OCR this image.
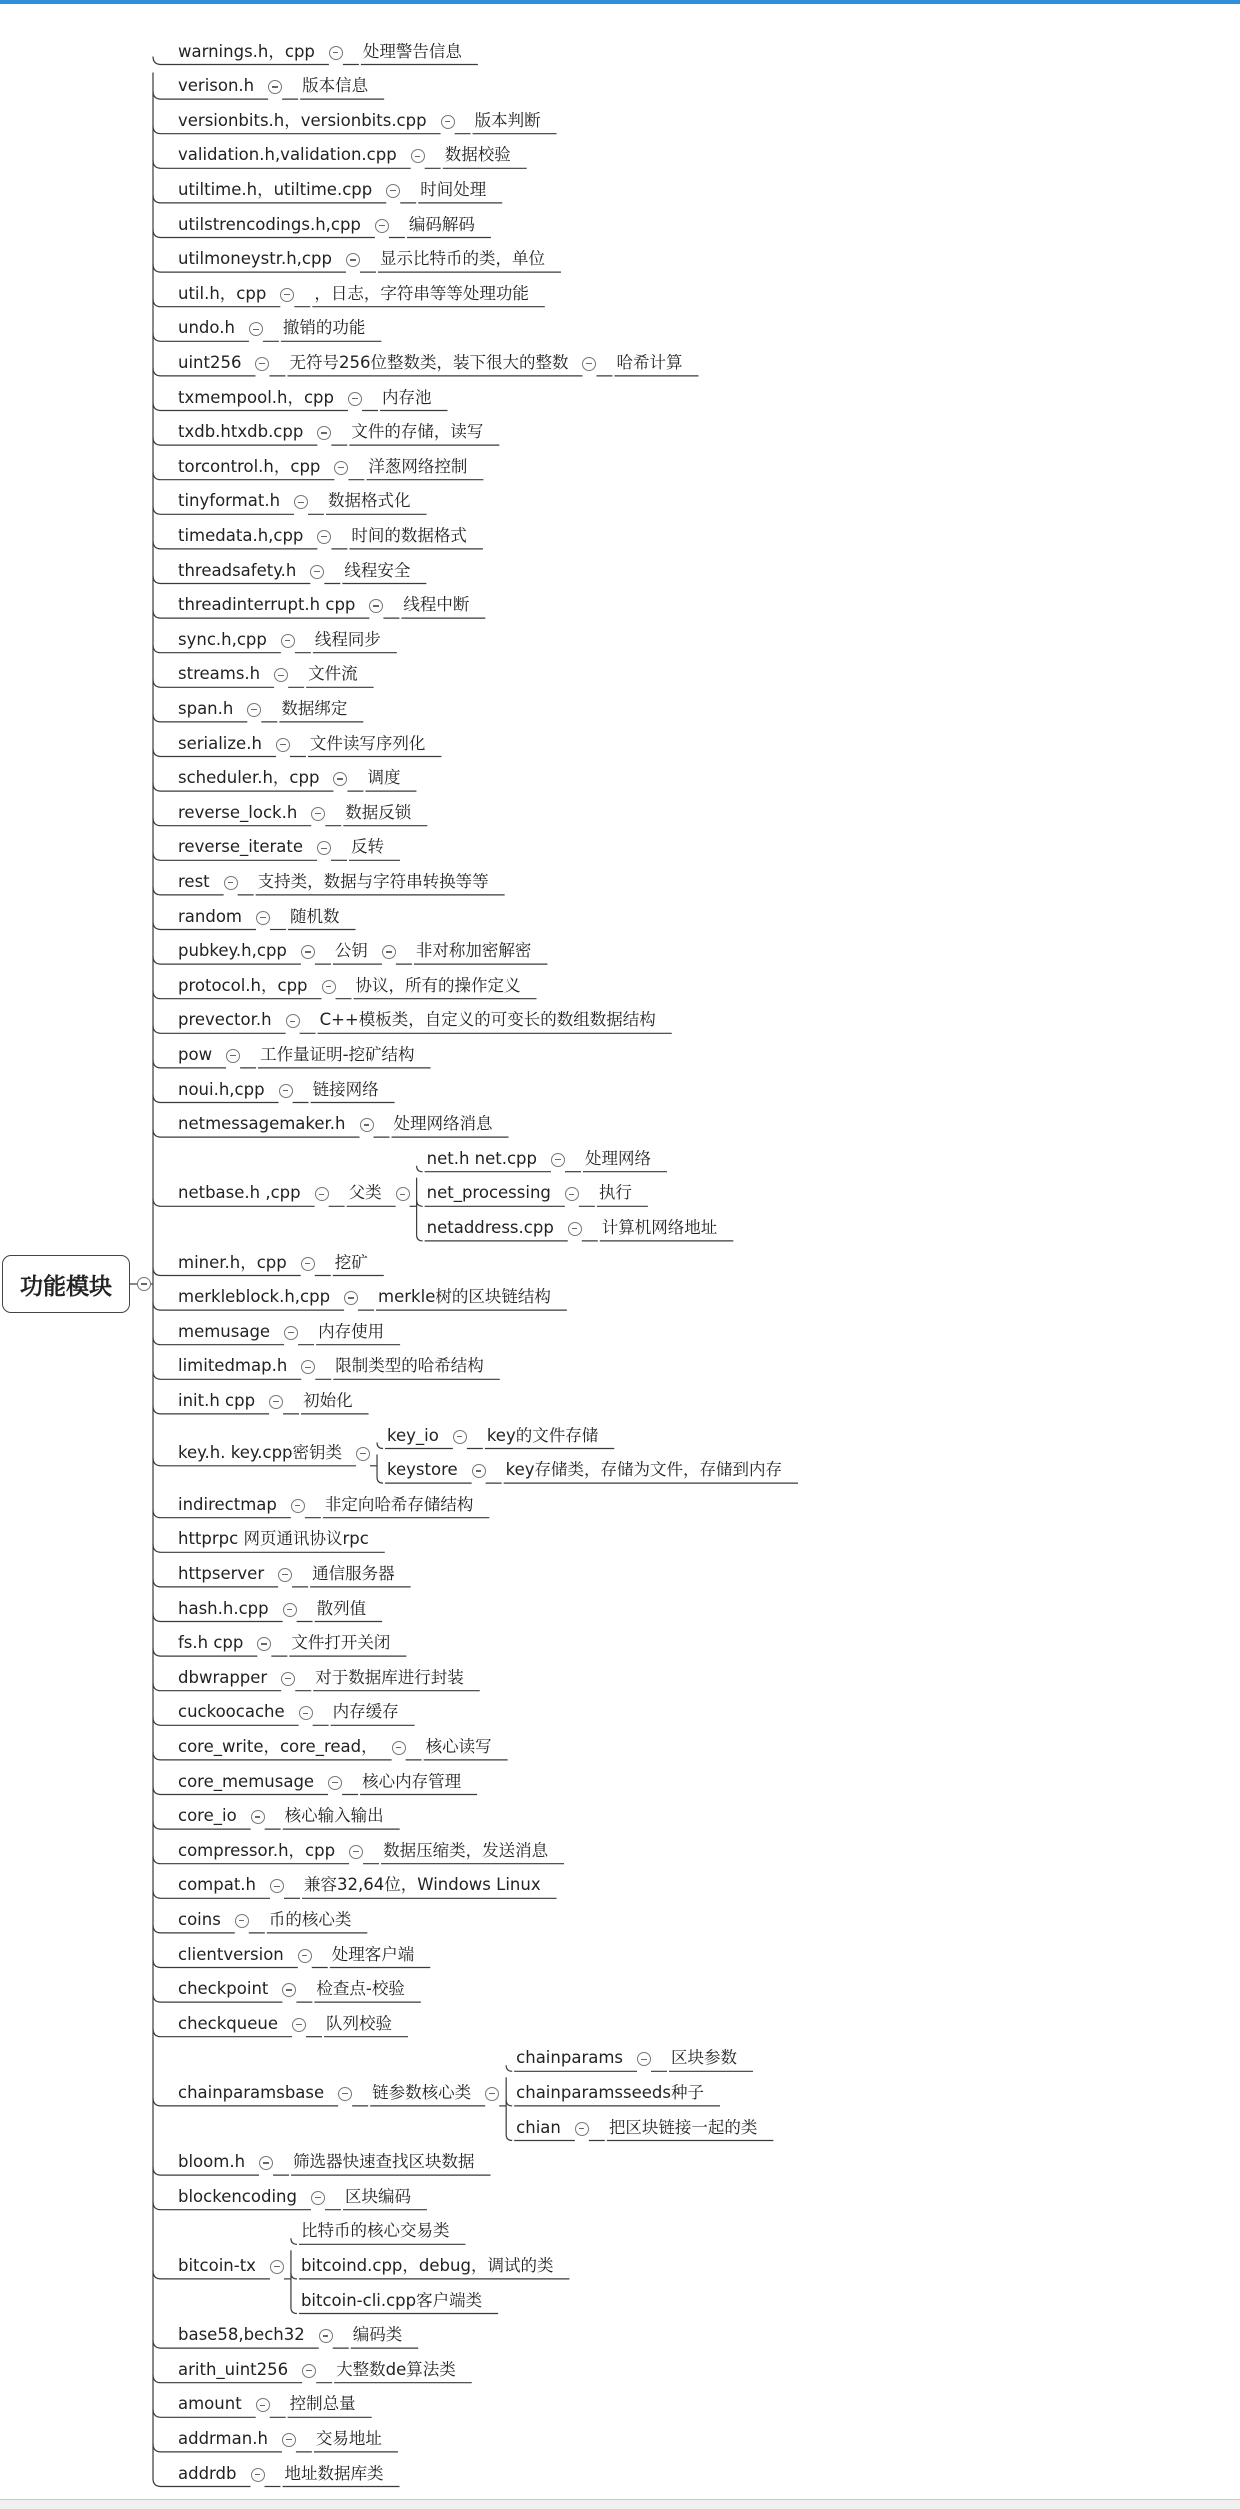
功能模块
warnings.h，cpp	处理警告信息
verison.h	版本信息
versionbits.h，versionbits.cpp	版本判断
validation.h,validation.cpp	数据校验
utiltime.h，utiltime.cpp	时间处理
utilstrencodings.h,cpp	编码解码
utilmoneystr.h,cpp	显示比特币的类，单位
util.h，cpp	，日志，字符串等等处理功能
undo.h	撤销的功能
uint256	无符号256位整数类，装下很大的整数	哈希计算
txmempool.h，cpp	内存池
txdb.htxdb.cpp	文件的存储，读写
torcontrol.h，cpp	洋葱网络控制
tinyformat.h	数据格式化
timedata.h,cpp	时间的数据格式
threadsafety.h	线程安全
threadinterrupt.h cpp	线程中断
sync.h,cpp	线程同步
streams.h	文件流
span.h	数据绑定
serialize.h	文件读写序列化
scheduler.h，cpp	调度
reverse_lock.h	数据反锁
reverse_iterate	反转
rest	支持类，数据与字符串转换等等
random	随机数
pubkey.h,cpp	公钥	非对称加密解密
protocol.h，cpp	协议，所有的操作定义
prevector.h	C++模板类，自定义的可变长的数组数据结构
pow	工作量证明-挖矿结构
noui.h,cpp	链接网络
netmessagemaker.h	处理网络消息
netbase.h ,cpp	父类
net.h net.cpp	处理网络
net_processing	执行
netaddress.cpp	计算机网络地址
miner.h，cpp	挖矿
merkleblock.h,cpp	merkle树的区块链结构
memusage	内存使用
limitedmap.h	限制类型的哈希结构
init.h cpp	初始化
key.h. key.cpp密钥类
key_io	key的文件存储
keystore	key存储类，存储为文件，存储到内存
indirectmap	非定向哈希存储结构
httprpc 网页通讯协议rpc
httpserver	通信服务器
hash.h.cpp	散列值
fs.h cpp	文件打开关闭
dbwrapper	对于数据库进行封装
cuckoocache	内存缓存
core_write，core_read，	核心读写
core_memusage	核心内存管理
core_io	核心输入输出
compressor.h，cpp	数据压缩类，发送消息
compat.h	兼容32,64位，Windows Linux
coins	币的核心类
clientversion	处理客户端
checkpoint	检查点-校验
checkqueue	队列校验
chainparamsbase	链参数核心类
chainparams	区块参数
chainparamsseeds种子
chian	把区块链接一起的类
bloom.h	筛选器快速查找区块数据
blockencoding	区块编码
bitcoin-tx
比特币的核心交易类
bitcoind.cpp，debug，调试的类
bitcoin-cli.cpp客户端类
base58,bech32	编码类
arith_uint256	大整数de算法类
amount	控制总量
addrman.h	交易地址
addrdb	地址数据库类
